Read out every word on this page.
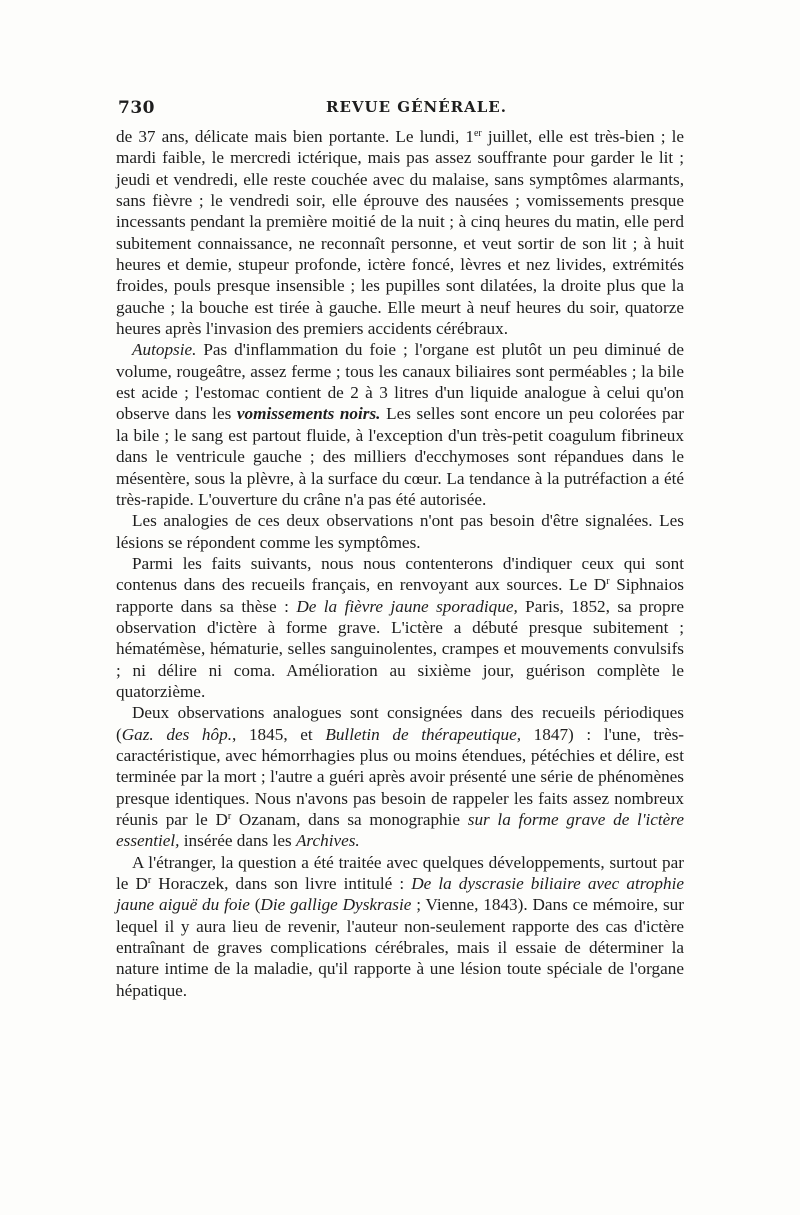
730	REVUE GÉNÉRALE.

de 37 ans, délicate mais bien portante. Le lundi, 1er juillet, elle est très-bien ; le mardi faible, le mercredi ictérique, mais pas assez souffrante pour garder le lit ; jeudi et vendredi, elle reste couchée avec du malaise, sans symptômes alarmants, sans fièvre ; le vendredi soir, elle éprouve des nausées ; vomissements presque incessants pendant la première moitié de la nuit ; à cinq heures du matin, elle perd subitement connaissance, ne reconnaît personne, et veut sortir de son lit ; à huit heures et demie, stupeur profonde, ictère foncé, lèvres et nez livides, extrémités froides, pouls presque insensible ; les pupilles sont dilatées, la droite plus que la gauche ; la bouche est tirée à gauche. Elle meurt à neuf heures du soir, quatorze heures après l'invasion des premiers accidents cérébraux.

Autopsie. Pas d'inflammation du foie ; l'organe est plutôt un peu diminué de volume, rougeâtre, assez ferme ; tous les canaux biliaires sont perméables ; la bile est acide ; l'estomac contient de 2 à 3 litres d'un liquide analogue à celui qu'on observe dans les vomissements noirs. Les selles sont encore un peu colorées par la bile ; le sang est partout fluide, à l'exception d'un très-petit coagulum fibrineux dans le ventricule gauche ; des milliers d'ecchymoses sont répandues dans le mésentère, sous la plèvre, à la surface du cœur. La tendance à la putréfaction a été très-rapide. L'ouverture du crâne n'a pas été autorisée.

Les analogies de ces deux observations n'ont pas besoin d'être signalées. Les lésions se répondent comme les symptômes.

Parmi les faits suivants, nous nous contenterons d'indiquer ceux qui sont contenus dans des recueils français, en renvoyant aux sources. Le $D^r$ Siphnaios rapporte dans sa thèse : De la fièvre jaune sporadique, Paris, 1852, sa propre observation d'ictère à forme grave. L'ictère a débuté presque subitement ; hématémèse, hématurie, selles sanguinolentes, crampes et mouvements convulsifs ; ni délire ni coma. Amélioration au sixième jour, guérison complète le quatorzième.

Deux observations analogues sont consignées dans des recueils périodiques (Gaz. des hôp., 1845, et Bulletin de thérapeutique, 1847) : l'une, très-caractéristique, avec hémorrhagies plus ou moins étendues, pétéchies et délire, est terminée par la mort ; l'autre a guéri après avoir présenté une série de phénomènes presque identiques. Nous n'avons pas besoin de rappeler les faits assez nombreux réunis par le $D^r$ Ozanam, dans sa monographie sur la forme grave de l'ictère essentiel, insérée dans les Archives.

A l'étranger, la question a été traitée avec quelques développements, surtout par le $D^r$ Horaczek, dans son livre intitulé : De la dyscrasie biliaire avec atrophie jaune aiguë du foie (Die gallige Dyskrasie ; Vienne, 1843). Dans ce mémoire, sur lequel il y aura lieu de revenir, l'auteur non-seulement rapporte des cas d'ictère entraînant de graves complications cérébrales, mais il essaie de déterminer la nature intime de la maladie, qu'il rapporte à une lésion toute spéciale de l'organe hépatique.
